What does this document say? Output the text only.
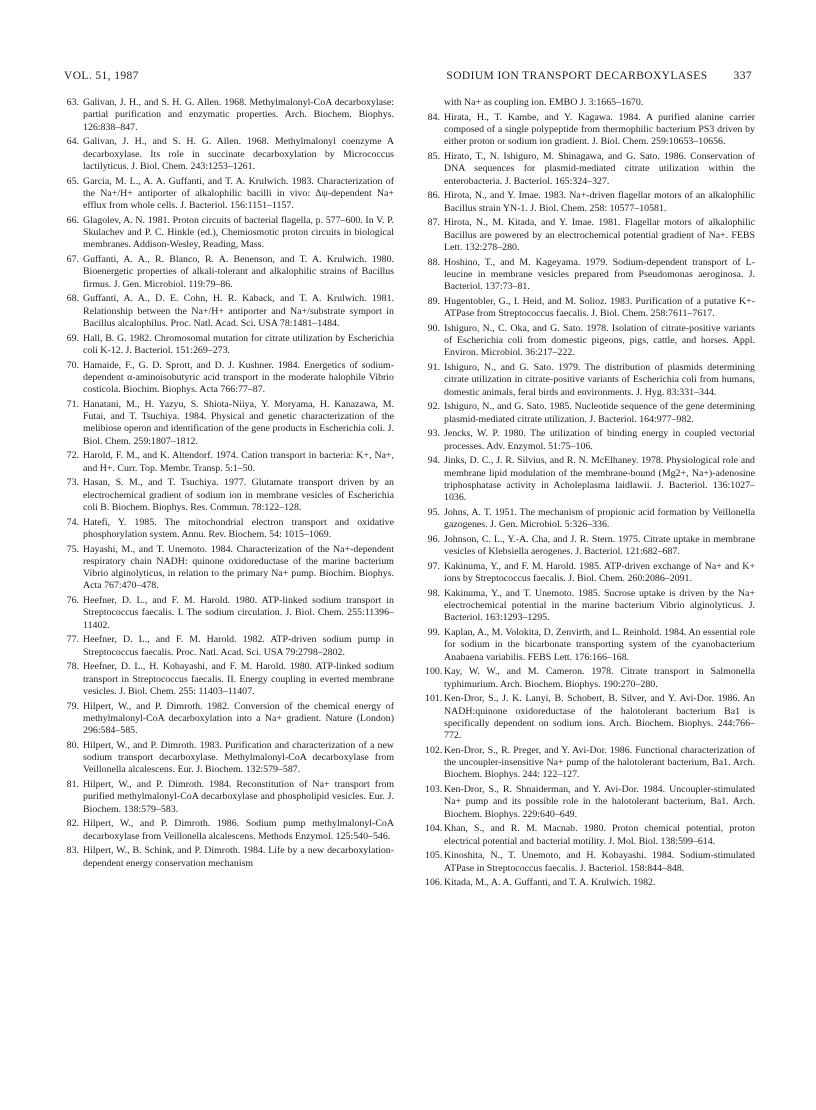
VOL. 51, 1987	SODIUM ION TRANSPORT DECARBOXYLASES 337
63. Galivan, J. H., and S. H. G. Allen. 1968. Methylmalonyl-CoA decarboxylase: partial purification and enzymatic properties. Arch. Biochem. Biophys. 126:838–847.
64. Galivan, J. H., and S. H. G. Allen. 1968. Methylmalonyl coenzyme A decarboxylase. Its role in succinate decarboxylation by Micrococcus lactilyticus. J. Biol. Chem. 243:1253–1261.
65. Garcia, M. L., A. A. Guffanti, and T. A. Krulwich. 1983. Characterization of the Na+/H+ antiporter of alkalophilic bacilli in vivo: Δψ-dependent Na+ efflux from whole cells. J. Bacteriol. 156:1151–1157.
66. Glagolev, A. N. 1981. Proton circuits of bacterial flagella, p. 577–600. In V. P. Skulachev and P. C. Hinkle (ed.), Chemiosmotic proton circuits in biological membranes. Addison-Wesley, Reading, Mass.
67. Guffanti, A. A., R. Blanco, R. A. Benenson, and T. A. Krulwich. 1980. Bioenergetic properties of alkali-tolerant and alkalophilic strains of Bacillus firmus. J. Gen. Microbiol. 119:79–86.
68. Guffanti, A. A., D. E. Cohn, H. R. Kaback, and T. A. Krulwich. 1981. Relationship between the Na+/H+ antiporter and Na+/substrate symport in Bacillus alcalophilus. Proc. Natl. Acad. Sci. USA 78:1481–1484.
69. Hall, B. G. 1982. Chromosomal mutation for citrate utilization by Escherichia coli K-12. J. Bacteriol. 151:269–273.
70. Hamaide, F., G. D. Sprott, and D. J. Kushner. 1984. Energetics of sodium-dependent α-aminoisobutyric acid transport in the moderate halophile Vibrio costicola. Biochim. Biophys. Acta 766:77–87.
71. Hanatani, M., H. Yazyu, S. Shiota-Niiya, Y. Moryama, H. Kanazawa, M. Futai, and T. Tsuchiya. 1984. Physical and genetic characterization of the melibiose operon and identification of the gene products in Escherichia coli. J. Biol. Chem. 259:1807–1812.
72. Harold, F. M., and K. Altendorf. 1974. Cation transport in bacteria: K+, Na+, and H+. Curr. Top. Membr. Transp. 5:1–50.
73. Hasan, S. M., and T. Tsuchiya. 1977. Glutamate transport driven by an electrochemical gradient of sodium ion in membrane vesicles of Escherichia coli B. Biochem. Biophys. Res. Commun. 78:122–128.
74. Hatefi, Y. 1985. The mitochondrial electron transport and oxidative phosphorylation system. Annu. Rev. Biochem. 54: 1015–1069.
75. Hayashi, M., and T. Unemoto. 1984. Characterization of the Na+-dependent respiratory chain NADH: quinone oxidoreductase of the marine bacterium Vibrio alginolyticus, in relation to the primary Na+ pump. Biochim. Biophys. Acta 767:470–478.
76. Heefner, D. L., and F. M. Harold. 1980. ATP-linked sodium transport in Streptococcus faecalis. I. The sodium circulation. J. Biol. Chem. 255:11396–11402.
77. Heefner, D. L., and F. M. Harold. 1982. ATP-driven sodium pump in Streptococcus faecalis. Proc. Natl. Acad. Sci. USA 79:2798–2802.
78. Heefner, D. L., H. Kobayashi, and F. M. Harold. 1980. ATP-linked sodium transport in Streptococcus faecalis. II. Energy coupling in everted membrane vesicles. J. Biol. Chem. 255: 11403–11407.
79. Hilpert, W., and P. Dimroth. 1982. Conversion of the chemical energy of methylmalonyl-CoA decarboxylation into a Na+ gradient. Nature (London) 296:584–585.
80. Hilpert, W., and P. Dimroth. 1983. Purification and characterization of a new sodium transport decarboxylase. Methylmalonyl-CoA decarboxylase from Veillonella alcalescens. Eur. J. Biochem. 132:579–587.
81. Hilpert, W., and P. Dimroth. 1984. Reconstitution of Na+ transport from purified methylmalonyl-CoA decarboxylase and phospholipid vesicles. Eur. J. Biochem. 138:579–583.
82. Hilpert, W., and P. Dimroth. 1986. Sodium pump methylmalonyl-CoA decarboxylase from Veillonella alcalescens. Methods Enzymol. 125:540–546.
83. Hilpert, W., B. Schink, and P. Dimroth. 1984. Life by a new decarboxylation-dependent energy conservation mechanism
with Na+ as coupling ion. EMBO J. 3:1665–1670.
84. Hirata, H., T. Kambe, and Y. Kagawa. 1984. A purified alanine carrier composed of a single polypeptide from thermophilic bacterium PS3 driven by either proton or sodium ion gradient. J. Biol. Chem. 259:10653–10656.
85. Hirato, T., N. Ishiguro, M. Shinagawa, and G. Sato. 1986. Conservation of DNA sequences for plasmid-mediated citrate utilization within the enterobacteria. J. Bacteriol. 165:324–327.
86. Hirota, N., and Y. Imae. 1983. Na+-driven flagellar motors of an alkalophilic Bacillus strain YN-1. J. Biol. Chem. 258: 10577–10581.
87. Hirota, N., M. Kitada, and Y. Imae. 1981. Flagellar motors of alkalophilic Bacillus are powered by an electrochemical potential gradient of Na+. FEBS Lett. 132:278–280.
88. Hoshino, T., and M. Kageyama. 1979. Sodium-dependent transport of L-leucine in membrane vesicles prepared from Pseudomonas aeroginosa. J. Bacteriol. 137:73–81.
89. Hugentobler, G., I. Heid, and M. Solioz. 1983. Purification of a putative K+-ATPase from Streptococcus faecalis. J. Biol. Chem. 258:7611–7617.
90. Ishiguro, N., C. Oka, and G. Sato. 1978. Isolation of citrate-positive variants of Escherichia coli from domestic pigeons, pigs, cattle, and horses. Appl. Environ. Microbiol. 36:217–222.
91. Ishiguro, N., and G. Sato. 1979. The distribution of plasmids determining citrate utilization in citrate-positive variants of Escherichia coli from humans, domestic animals, feral birds and environments. J. Hyg. 83:331–344.
92. Ishiguro, N., and G. Sato. 1985. Nucleotide sequence of the gene determining plasmid-mediated citrate utilization. J. Bacteriol. 164:977–982.
93. Jencks, W. P. 1980. The utilization of binding energy in coupled vectorial processes. Adv. Enzymol. 51:75–106.
94. Jinks, D. C., J. R. Silvius, and R. N. McElhaney. 1978. Physiological role and membrane lipid modulation of the membrane-bound (Mg2+, Na+)-adenosine triphosphatase activity in Acholeplasma laidlawii. J. Bacteriol. 136:1027–1036.
95. Johns, A. T. 1951. The mechanism of propionic acid formation by Veillonella gazogenes. J. Gen. Microbiol. 5:326–336.
96. Johnson, C. L., Y.-A. Cha, and J. R. Stern. 1975. Citrate uptake in membrane vesicles of Klebsiella aerogenes. J. Bacteriol. 121:682–687.
97. Kakinuma, Y., and F. M. Harold. 1985. ATP-driven exchange of Na+ and K+ ions by Streptococcus faecalis. J. Biol. Chem. 260:2086–2091.
98. Kakinuma, Y., and T. Unemoto. 1985. Sucrose uptake is driven by the Na+ electrochemical potential in the marine bacterium Vibrio alginolyticus. J. Bacteriol. 163:1293–1295.
99. Kaplan, A., M. Volokita, D. Zenvirth, and L. Reinhold. 1984. An essential role for sodium in the bicarbonate transporting system of the cyanobacterium Anabaena variabilis. FEBS Lett. 176:166–168.
100. Kay, W. W., and M. Cameron. 1978. Citrate transport in Salmonella typhimurium. Arch. Biochem. Biophys. 190:270–280.
101. Ken-Dror, S., J. K. Lanyi, B. Schobert, B. Silver, and Y. Avi-Dor. 1986. An NADH:quinone oxidoreductase of the halotolerant bacterium Ba1 is specifically dependent on sodium ions. Arch. Biochem. Biophys. 244:766–772.
102. Ken-Dror, S., R. Preger, and Y. Avi-Dor. 1986. Functional characterization of the uncoupler-insensitive Na+ pump of the halotolerant bacterium, Ba1. Arch. Biochem. Biophys. 244: 122–127.
103. Ken-Dror, S., R. Shnaiderman, and Y. Avi-Dor. 1984. Uncoupler-stimulated Na+ pump and its possible role in the halotolerant bacterium, Ba1. Arch. Biochem. Biophys. 229:640–649.
104. Khan, S., and R. M. Macnab. 1980. Proton chemical potential, proton electrical potential and bacterial motility. J. Mol. Biol. 138:599–614.
105. Kinoshita, N., T. Unemoto, and H. Kobayashi. 1984. Sodium-stimulated ATPase in Streptococcus faecalis. J. Bacteriol. 158:844–848.
106. Kitada, M., A. A. Guffanti, and T. A. Krulwich. 1982.
